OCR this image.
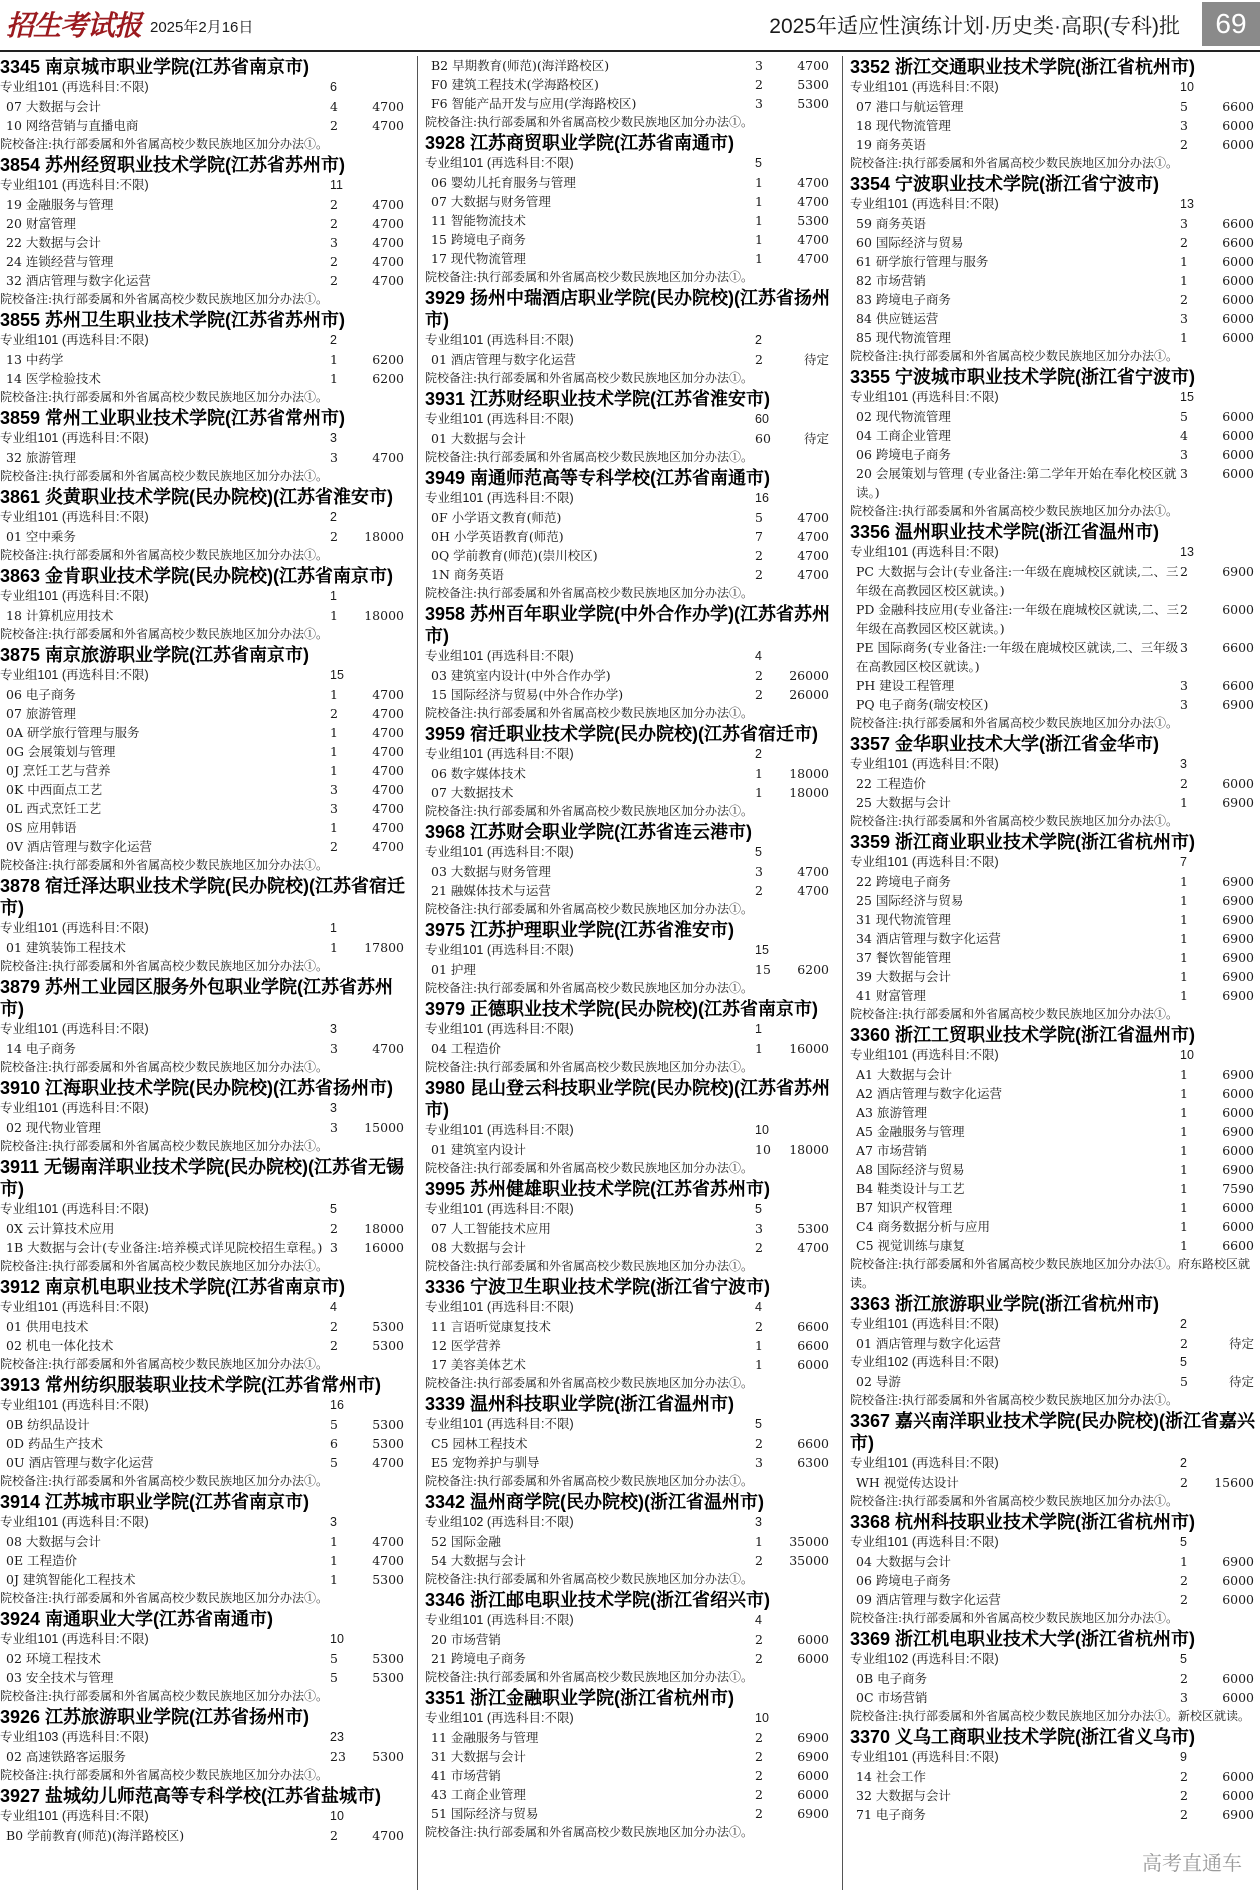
招生考试报 2025年2月16日	2025年适应性演练计划·历史类·高职(专科)批	69
3345 南京城市职业学院(江苏省南京市)
专业组101 (再选科目:不限)	6
07 大数据与会计	4	4700
10 网络营销与直播电商	2	4700
院校备注:执行部委属和外省属高校少数民族地区加分办法①。
3854 苏州经贸职业技术学院(江苏省苏州市)
专业组101 (再选科目:不限)	11
19 金融服务与管理	2	4700
20 财富管理	2	4700
22 大数据与会计	3	4700
24 连锁经营与管理	2	4700
32 酒店管理与数字化运营	2	4700
院校备注:执行部委属和外省属高校少数民族地区加分办法①。
3855 苏州卫生职业技术学院(江苏省苏州市)
专业组101 (再选科目:不限)	2
13 中药学	1	6200
14 医学检验技术	1	6200
院校备注:执行部委属和外省属高校少数民族地区加分办法①。
3859 常州工业职业技术学院(江苏省常州市)
专业组101 (再选科目:不限)	3
32 旅游管理	3	4700
院校备注:执行部委属和外省属高校少数民族地区加分办法①。
3861 炎黄职业技术学院(民办院校)(江苏省淮安市)
专业组101 (再选科目:不限)	2
01 空中乘务	2 18000
院校备注:执行部委属和外省属高校少数民族地区加分办法①。
3863 金肯职业技术学院(民办院校)(江苏省南京市)
专业组101 (再选科目:不限)	1
18 计算机应用技术	1 18000
院校备注:执行部委属和外省属高校少数民族地区加分办法①。
3875 南京旅游职业学院(江苏省南京市)
专业组101 (再选科目:不限)	15
06 电子商务	1	4700
07 旅游管理	2	4700
0A 研学旅行管理与服务	1	4700
0G 会展策划与管理	1	4700
0J 烹饪工艺与营养	1	4700
0K 中西面点工艺	3	4700
0L 西式烹饪工艺	3	4700
0S 应用韩语	1	4700
0V 酒店管理与数字化运营	2	4700
院校备注:执行部委属和外省属高校少数民族地区加分办法①。
3878 宿迁泽达职业技术学院(民办院校)(江苏省宿迁市)
专业组101 (再选科目:不限)	1
01 建筑装饰工程技术	1 17800
院校备注:执行部委属和外省属高校少数民族地区加分办法①。
3879 苏州工业园区服务外包职业学院(江苏省苏州市)
专业组101 (再选科目:不限)	3
14 电子商务	3	4700
院校备注:执行部委属和外省属高校少数民族地区加分办法①。
3910 江海职业技术学院(民办院校)(江苏省扬州市)
专业组101 (再选科目:不限)	3
02 现代物业管理	3 15000
院校备注:执行部委属和外省属高校少数民族地区加分办法①。
3911 无锡南洋职业技术学院(民办院校)(江苏省无锡市)
专业组101 (再选科目:不限)	5
0X 云计算技术应用	2 18000
1B 大数据与会计(专业备注:培养模式详见院校招生章程。) 3 16000
院校备注:执行部委属和外省属高校少数民族地区加分办法①。
3912 南京机电职业技术学院(江苏省南京市)
专业组101 (再选科目:不限)	4
01 供用电技术	2	5300
02 机电一体化技术	2	5300
院校备注:执行部委属和外省属高校少数民族地区加分办法①。
3913 常州纺织服装职业技术学院(江苏省常州市)
专业组101 (再选科目:不限)	16
0B 纺织品设计	5	5300
0D 药品生产技术	6	5300
0U 酒店管理与数字化运营	5	4700
院校备注:执行部委属和外省属高校少数民族地区加分办法①。
3914 江苏城市职业学院(江苏省南京市)
专业组101 (再选科目:不限)	3
08 大数据与会计	1	4700
0E 工程造价	1	4700
0J 建筑智能化工程技术	1	5300
院校备注:执行部委属和外省属高校少数民族地区加分办法①。
3924 南通职业大学(江苏省南通市)
专业组101 (再选科目:不限)	10
02 环境工程技术	5	5300
03 安全技术与管理	5	5300
院校备注:执行部委属和外省属高校少数民族地区加分办法①。
3926 江苏旅游职业学院(江苏省扬州市)
专业组103 (再选科目:不限)	23
02 高速铁路客运服务	23 5300
院校备注:执行部委属和外省属高校少数民族地区加分办法①。
3927 盐城幼儿师范高等专科学校(江苏省盐城市)
专业组101 (再选科目:不限)	10
B0 学前教育(师范)(海洋路校区)	2	4700
B2 早期教育(师范)(海洋路校区)	3	4700
F0 建筑工程技术(学海路校区)	2	5300
F6 智能产品开发与应用(学海路校区)	3	5300
院校备注:执行部委属和外省属高校少数民族地区加分办法①。
3928 江苏商贸职业学院(江苏省南通市)
专业组101 (再选科目:不限)	5
06 婴幼儿托育服务与管理	1	4700
07 大数据与财务管理	1	4700
11 智能物流技术	1	5300
15 跨境电子商务	1	4700
17 现代物流管理	1	4700
院校备注:执行部委属和外省属高校少数民族地区加分办法①。
3929 扬州中瑞酒店职业学院(民办院校)(江苏省扬州市)
专业组101 (再选科目:不限)	2
01 酒店管理与数字化运营	2	待定
院校备注:执行部委属和外省属高校少数民族地区加分办法①。
3931 江苏财经职业技术学院(江苏省淮安市)
专业组101 (再选科目:不限)	60
01 大数据与会计	60	待定
院校备注:执行部委属和外省属高校少数民族地区加分办法①。
3949 南通师范高等专科学校(江苏省南通市)
专业组101 (再选科目:不限)	16
0F 小学语文教育(师范)	5	4700
0H 小学英语教育(师范)	7	4700
0Q 学前教育(师范)(崇川校区)	2	4700
1N 商务英语	2	4700
院校备注:执行部委属和外省属高校少数民族地区加分办法①。
3958 苏州百年职业学院(中外合作办学)(江苏省苏州市)
专业组101 (再选科目:不限)	4
03 建筑室内设计(中外合作办学)	2 26000
15 国际经济与贸易(中外合作办学)	2 26000
院校备注:执行部委属和外省属高校少数民族地区加分办法①。
3959 宿迁职业技术学院(民办院校)(江苏省宿迁市)
专业组101 (再选科目:不限)	2
06 数字媒体技术	1 18000
07 大数据技术	1 18000
院校备注:执行部委属和外省属高校少数民族地区加分办法①。
3968 江苏财会职业学院(江苏省连云港市)
专业组101 (再选科目:不限)	5
03 大数据与财务管理	3	4700
21 融媒体技术与运营	2	4700
院校备注:执行部委属和外省属高校少数民族地区加分办法①。
3975 江苏护理职业学院(江苏省淮安市)
专业组101 (再选科目:不限)	15
01 护理	15 6200
院校备注:执行部委属和外省属高校少数民族地区加分办法①。
3979 正德职业技术学院(民办院校)(江苏省南京市)
专业组101 (再选科目:不限)	1
04 工程造价	1 16000
院校备注:执行部委属和外省属高校少数民族地区加分办法①。
3980 昆山登云科技职业学院(民办院校)(江苏省苏州市)
专业组101 (再选科目:不限)	10
01 建筑室内设计	10 18000
院校备注:执行部委属和外省属高校少数民族地区加分办法①。
3995 苏州健雄职业技术学院(江苏省苏州市)
专业组101 (再选科目:不限)	5
07 人工智能技术应用	3	5300
08 大数据与会计	2	4700
院校备注:执行部委属和外省属高校少数民族地区加分办法①。
3336 宁波卫生职业技术学院(浙江省宁波市)
专业组101 (再选科目:不限)	4
11 言语听觉康复技术	2	6600
12 医学营养	1	6600
17 美容美体艺术	1	6000
院校备注:执行部委属和外省属高校少数民族地区加分办法①。
3339 温州科技职业学院(浙江省温州市)
专业组101 (再选科目:不限)	5
C5 园林工程技术	2	6600
E5 宠物养护与驯导	3	6300
院校备注:执行部委属和外省属高校少数民族地区加分办法①。
3342 温州商学院(民办院校)(浙江省温州市)
专业组102 (再选科目:不限)	3
52 国际金融	1 35000
54 大数据与会计	2 35000
院校备注:执行部委属和外省属高校少数民族地区加分办法①。
3346 浙江邮电职业技术学院(浙江省绍兴市)
专业组101 (再选科目:不限)	4
20 市场营销	2	6000
21 跨境电子商务	2	6000
院校备注:执行部委属和外省属高校少数民族地区加分办法①。
3351 浙江金融职业学院(浙江省杭州市)
专业组101 (再选科目:不限)	10
11 金融服务与管理	2	6900
31 大数据与会计	2	6900
41 市场营销	2	6000
43 工商企业管理	2	6000
51 国际经济与贸易	2	6900
院校备注:执行部委属和外省属高校少数民族地区加分办法①。
3352 浙江交通职业技术学院(浙江省杭州市)
专业组101 (再选科目:不限)	10
07 港口与航运管理	5	6600
18 现代物流管理	3	6000
19 商务英语	2	6000
院校备注:执行部委属和外省属高校少数民族地区加分办法①。
3354 宁波职业技术学院(浙江省宁波市)
专业组101 (再选科目:不限)	13
59 商务英语	3	6600
60 国际经济与贸易	2	6600
61 研学旅行管理与服务	1	6000
82 市场营销	1	6000
83 跨境电子商务	2	6000
84 供应链运营	3	6000
85 现代物流管理	1	6000
院校备注:执行部委属和外省属高校少数民族地区加分办法①。
3355 宁波城市职业技术学院(浙江省宁波市)
专业组101 (再选科目:不限)	15
02 现代物流管理	5	6000
04 工商企业管理	4	6000
06 跨境电子商务	3	6000
20 会展策划与管理 (专业备注:第二学年开始在奉化校区就读。)
3	6000
院校备注:执行部委属和外省属高校少数民族地区加分办法①。
3356 温州职业技术学院(浙江省温州市)
专业组101 (再选科目:不限)	13
PC 大数据与会计(专业备注:一年级在鹿城校区就读,二、三年级在高教园区校区就读。)
2	6900
PD 金融科技应用(专业备注:一年级在鹿城校区就读,二、三年级在高教园区校区就读。)
2	6000
PE 国际商务(专业备注:一年级在鹿城校区就读,二、三年级在高教园区校区就读。)
3	6600
PH 建设工程管理	3	6600
PQ 电子商务(瑞安校区)	3	6900
院校备注:执行部委属和外省属高校少数民族地区加分办法①。
3357 金华职业技术大学(浙江省金华市)
专业组101 (再选科目:不限)	3
22 工程造价	2	6000
25 大数据与会计	1	6900
院校备注:执行部委属和外省属高校少数民族地区加分办法①。
3359 浙江商业职业技术学院(浙江省杭州市)
专业组101 (再选科目:不限)	7
22 跨境电子商务	1	6900
25 国际经济与贸易	1	6900
31 现代物流管理	1	6900
34 酒店管理与数字化运营	1	6900
37 餐饮智能管理	1	6900
39 大数据与会计	1	6900
41 财富管理	1	6900
院校备注:执行部委属和外省属高校少数民族地区加分办法①。
3360 浙江工贸职业技术学院(浙江省温州市)
专业组101 (再选科目:不限)	10
A1 大数据与会计	1	6900
A2 酒店管理与数字化运营	1	6000
A3 旅游管理	1	6000
A5 金融服务与管理	1	6900
A7 市场营销	1	6000
A8 国际经济与贸易	1	6900
B4 鞋类设计与工艺	1	7590
B7 知识产权管理	1	6000
C4 商务数据分析与应用	1	6000
C5 视觉训练与康复	1	6600
院校备注:执行部委属和外省属高校少数民族地区加分办法①。府东路校区就读。
3363 浙江旅游职业学院(浙江省杭州市)
专业组101 (再选科目:不限)	2
01 酒店管理与数字化运营	2	待定
专业组102 (再选科目:不限)	5
02 导游	5	待定
院校备注:执行部委属和外省属高校少数民族地区加分办法①。
3367 嘉兴南洋职业技术学院(民办院校)(浙江省嘉兴市)
专业组101 (再选科目:不限)	2
WH 视觉传达设计	2 15600
院校备注:执行部委属和外省属高校少数民族地区加分办法①。
3368 杭州科技职业技术学院(浙江省杭州市)
专业组101 (再选科目:不限)	5
04 大数据与会计	1	6900
06 跨境电子商务	2	6000
09 酒店管理与数字化运营	2	6000
院校备注:执行部委属和外省属高校少数民族地区加分办法①。
3369 浙江机电职业技术大学(浙江省杭州市)
专业组102 (再选科目:不限)	5
0B 电子商务	2	6000
0C 市场营销	3	6000
院校备注:执行部委属和外省属高校少数民族地区加分办法①。新校区就读。
3370 义乌工商职业技术学院(浙江省义乌市)
专业组101 (再选科目:不限)	9
14 社会工作	2	6000
32 大数据与会计	2	6000
71 电子商务	2	6900
高考直通车
